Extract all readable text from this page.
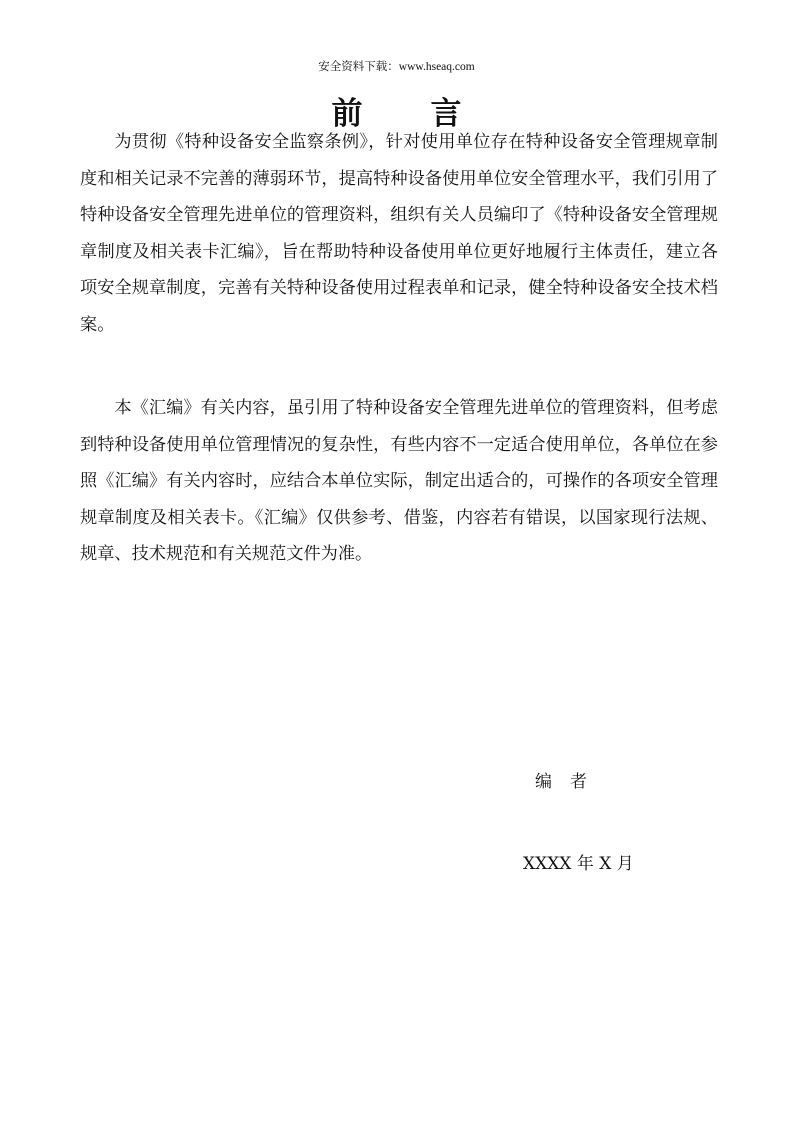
安全资料下载：www.hseaq.com
前 言

为贯彻《特种设备安全监察条例》，针对使用单位存在特种设备安全管理规章制度和相关记录不完善的薄弱环节，提高特种设备使用单位安全管理水平，我们引用了特种设备安全管理先进单位的管理资料，组织有关人员编印了《特种设备安全管理规章制度及相关表卡汇编》，旨在帮助特种设备使用单位更好地履行主体责任，建立各项安全规章制度，完善有关特种设备使用过程表单和记录，健全特种设备安全技术档案。

本《汇编》有关内容，虽引用了特种设备安全管理先进单位的管理资料，但考虑到特种设备使用单位管理情况的复杂性，有些内容不一定适合使用单位，各单位在参照《汇编》有关内容时，应结合本单位实际，制定出适合的，可操作的各项安全管理规章制度及相关表卡。《汇编》仅供参考、借鉴，内容若有错误，以国家现行法规、规章、技术规范和有关规范文件为准。

编 者
XXXX 年 X 月
